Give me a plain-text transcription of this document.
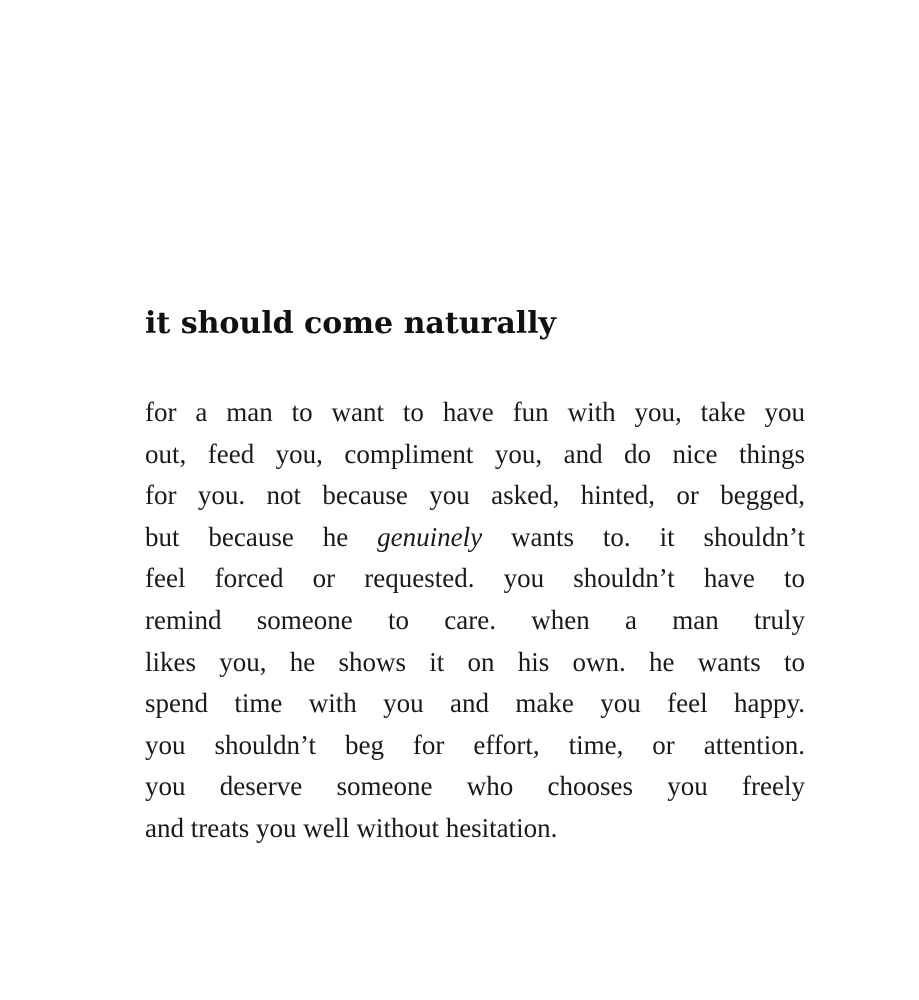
it should come naturally
for a man to want to have fun with you, take you
out, feed you, compliment you, and do nice things
for you. not because you asked, hinted, or begged,
but because he genuinely wants to. it shouldn’t
feel forced or requested. you shouldn’t have to
remind someone to care. when a man truly
likes you, he shows it on his own. he wants to
spend time with you and make you feel happy.
you shouldn’t beg for effort, time, or attention.
you deserve someone who chooses you freely
and treats you well without hesitation.
